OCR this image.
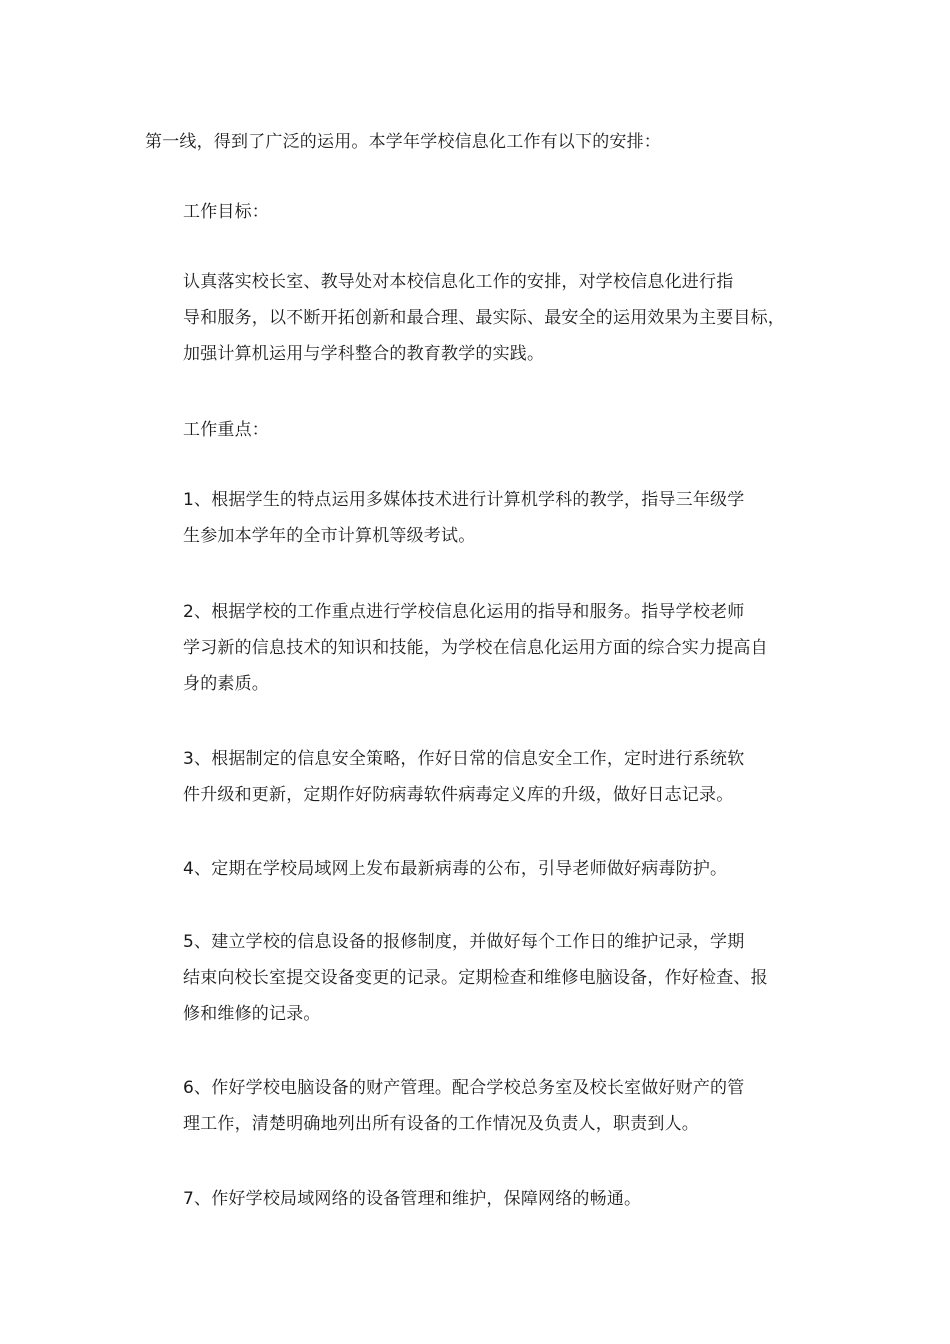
第一线，得到了广泛的运用。本学年学校信息化工作有以下的安排：

工作目标：

认真落实校长室、教导处对本校信息化工作的安排，对学校信息化进行指
导和服务，以不断开拓创新和最合理、最实际、最安全的运用效果为主要目标，
加强计算机运用与学科整合的教育教学的实践。

工作重点：

1、根据学生的特点运用多媒体技术进行计算机学科的教学，指导三年级学
生参加本学年的全市计算机等级考试。

2、根据学校的工作重点进行学校信息化运用的指导和服务。指导学校老师
学习新的信息技术的知识和技能，为学校在信息化运用方面的综合实力提高自
身的素质。

3、根据制定的信息安全策略，作好日常的信息安全工作，定时进行系统软
件升级和更新，定期作好防病毒软件病毒定义库的升级，做好日志记录。

4、定期在学校局域网上发布最新病毒的公布，引导老师做好病毒防护。

5、建立学校的信息设备的报修制度，并做好每个工作日的维护记录，学期
结束向校长室提交设备变更的记录。定期检查和维修电脑设备，作好检查、报
修和维修的记录。

6、作好学校电脑设备的财产管理。配合学校总务室及校长室做好财产的管
理工作，清楚明确地列出所有设备的工作情况及负责人，职责到人。

7、作好学校局域网络的设备管理和维护，保障网络的畅通。
